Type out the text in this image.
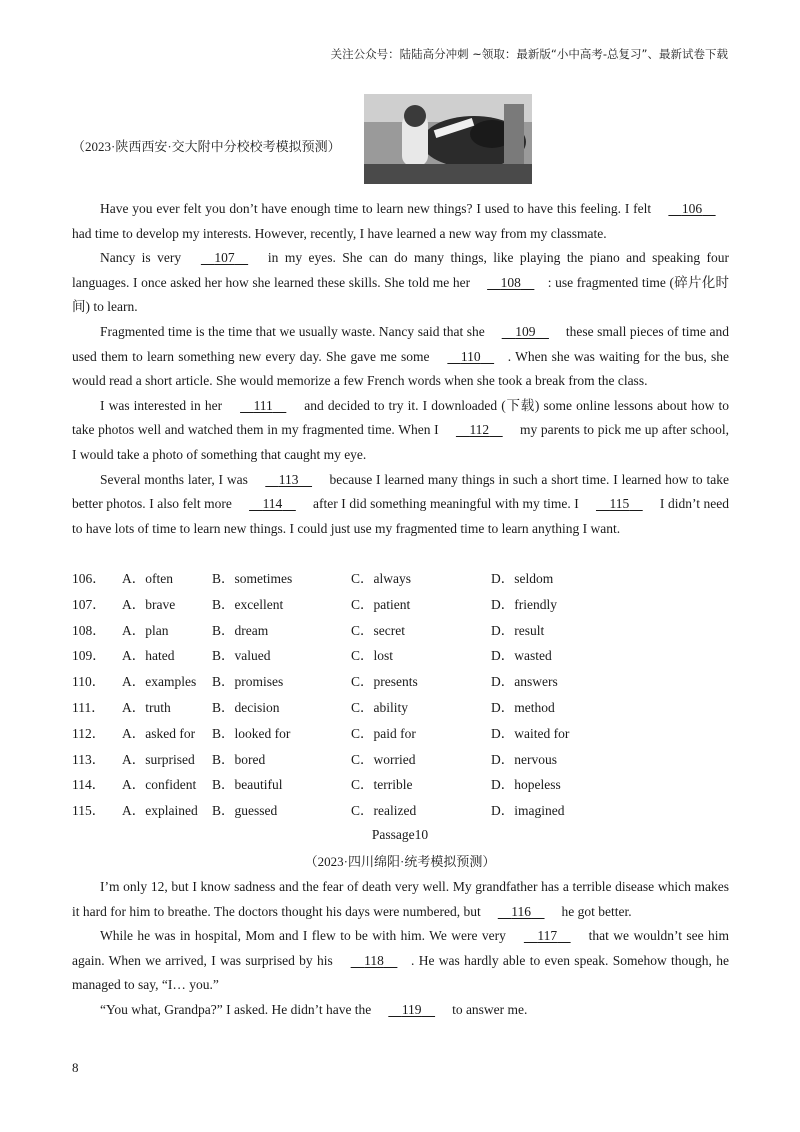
关注公众号：陆陆高分冲刺 ~领取：最新版“小中高考-总复习”、最新试卷下载
（2023·陕西西安·交大附中分校校考模拟预测）

Have you ever felt you don’t have enough time to learn new things? I used to have this feeling. I felt 106 had time to develop my interests. However, recently, I have learned a new way from my classmate.

Nancy is very 107 in my eyes. She can do many things, like playing the piano and speaking four languages. I once asked her how she learned these skills. She told me her 108 : use fragmented time (碎片化时间) to learn.

Fragmented time is the time that we usually waste. Nancy said that she 109 these small pieces of time and used them to learn something new every day. She gave me some 110 . When she was waiting for the bus, she would read a short article. She would memorize a few French words when she took a break from the class.

I was interested in her 111 and decided to try it. I downloaded (下载) some online lessons about how to take photos well and watched them in my fragmented time. When I 112 my parents to pick me up after school, I would take a photo of something that caught my eye.

Several months later, I was 113 because I learned many things in such a short time. I learned how to take better photos. I also felt more 114 after I did something meaningful with my time. I 115 I didn’t need to have lots of time to learn new things. I could just use my fragmented time to learn anything I want.

106． A．often	B．sometimes	C．always	D．seldom
107． A．brave	B．excellent	C．patient	D．friendly
108． A．plan	B．dream	C．secret	D．result
109． A．hated	B．valued	C．lost	D．wasted
110． A．examples B．promises	C．presents	D．answers
111． A．truth	B．decision	C．ability	D．method
112． A．asked for B．looked for	C．paid for	D．waited for
113． A．surprised B．bored	C．worried	D．nervous
114． A．confident B．beautiful	C．terrible	D．hopeless
115． A．explained B．guessed	C．realized	D．imagined
Passage10
（2023·四川绵阳·统考模拟预测）

I’m only 12, but I know sadness and the fear of death very well. My grandfather has a terrible disease which makes it hard for him to breathe. The doctors thought his days were numbered, but 116 he got better.

While he was in hospital, Mom and I flew to be with him. We were very 117 that we wouldn’t see him again. When we arrived, I was surprised by his 118 . He was hardly able to even speak. Somehow though, he managed to say, “I… you.”

“You what, Grandpa?” I asked. He didn’t have the 119 to answer me.

8
